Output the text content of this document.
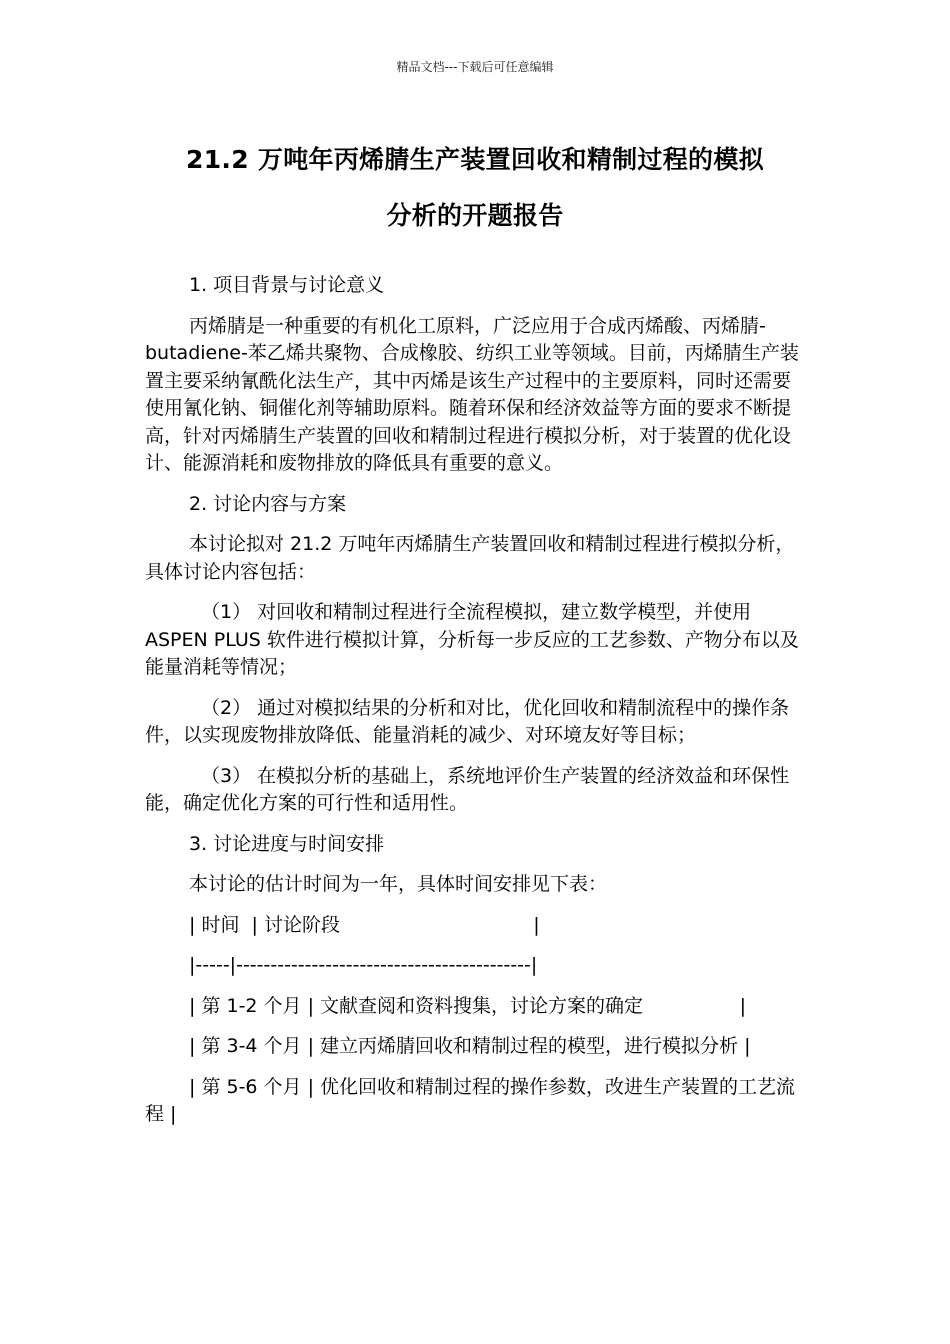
精品文档---下载后可任意编辑
21.2 万吨年丙烯腈生产装置回收和精制过程的模拟
分析的开题报告

1. 项目背景与讨论意义

丙烯腈是一种重要的有机化工原料，广泛应用于合成丙烯酸、丙烯腈-butadiene-苯乙烯共聚物、合成橡胶、纺织工业等领域。目前，丙烯腈生产装置主要采纳氰酰化法生产，其中丙烯是该生产过程中的主要原料，同时还需要使用氰化钠、铜催化剂等辅助原料。随着环保和经济效益等方面的要求不断提高，针对丙烯腈生产装置的回收和精制过程进行模拟分析，对于装置的优化设计、能源消耗和废物排放的降低具有重要的意义。

2. 讨论内容与方案

本讨论拟对 21.2 万吨年丙烯腈生产装置回收和精制过程进行模拟分析，具体讨论内容包括：

（1） 对回收和精制过程进行全流程模拟，建立数学模型，并使用 ASPEN PLUS 软件进行模拟计算，分析每一步反应的工艺参数、产物分布以及能量消耗等情况；

（2） 通过对模拟结果的分析和对比，优化回收和精制流程中的操作条件，以实现废物排放降低、能量消耗的减少、对环境友好等目标；

（3） 在模拟分析的基础上，系统地评价生产装置的经济效益和环保性能，确定优化方案的可行性和适用性。

3. 讨论进度与时间安排

本讨论的估计时间为一年，具体时间安排见下表：

| 时间  | 讨论阶段                                |

|-----|-------------------------------------------|

| 第 1-2 个月 | 文献查阅和资料搜集，讨论方案的确定                |

| 第 3-4 个月 | 建立丙烯腈回收和精制过程的模型，进行模拟分析 |

| 第 5-6 个月 | 优化回收和精制过程的操作参数，改进生产装置的工艺流程 |
